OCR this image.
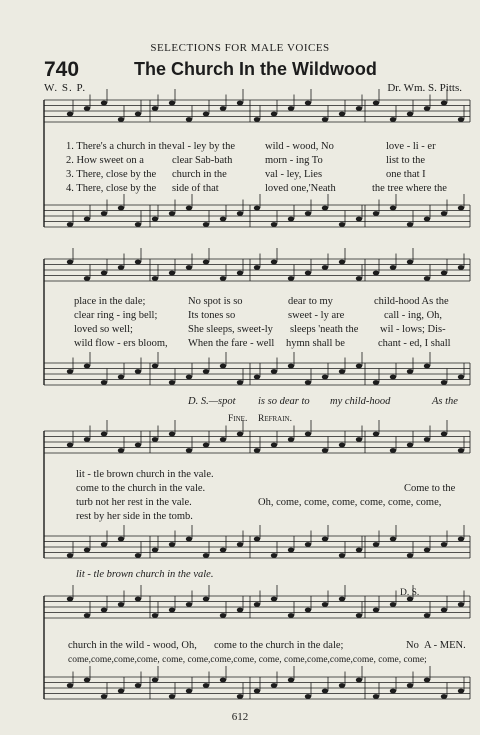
SELECTIONS FOR MALE VOICES
740	The Church In the Wildwood
W. S. P.	Dr. Wm. S. Pitts.
1. There's a church in the val - ley by the	wild - wood, No	love - li - er
2. How sweet on a	clear Sab-bath	morn - ing To	list to the
3. There, close by the church in the	val - ley, Lies	one that I
4. There, close by the side of that	loved one,'Neath	the tree where the
place in the dale;	No spot is so	dear to my	child-hood As the
clear ring - ing bell;	Its tones so	sweet - ly are	call - ing, Oh,
loved so well;	She sleeps, sweet-ly sleeps 'neath the wil - lows; Dis-
wild flow - ers bloom, When the fare - well hymn shall be	chant - ed, I shall
D. S.—spot is so dear to my child-hood	As the
Fine. Refrain.
lit - tle brown church in the vale.
come to the church in the vale.	Come to the
turb not her rest in the vale.	Oh, come, come, come, come, come, come,
rest by her side in the tomb.
lit - tle brown church in the vale.
D. S.
church in the wild - wood, Oh, come to the church in the dale;	No A - MEN.
come,come,come,come, come, come,come,come, come, come,come,come,come, come, come;
612
